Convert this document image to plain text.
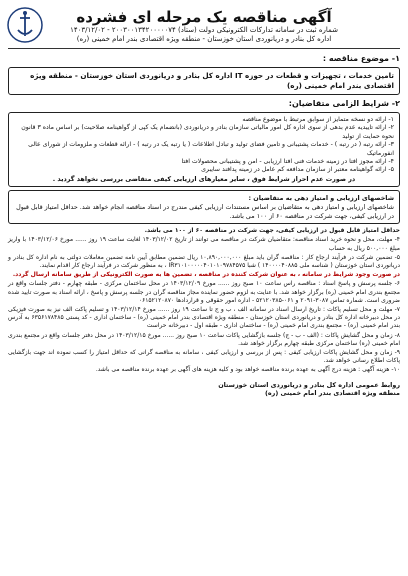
آگهی مناقصه یک مرحله ای فشرده
شماره ثبت در سامانه تدارکات الکترونیکی دولت (ستاد) ۲۰۰۳۰۰۱۳۴۲۰۰۰۰۰۷۴ - ۱۴۰۳/۱۲/۰۲
اداره کل بنادر و دریانوردی استان خوزستان - منطقه ویژه اقتصادی بندر امام خمینی (ره)
۱- موضوع مناقصه :
تامین خدمات ، تجهیزات و قطعات در حوزه IT اداره کل بنادر و دریانوردی استان خوزستان - منطقه ویژه اقتصادی بندر امام خمینی (ره)
۲- شرایط الزامی متقاضیان:
۱- ارائه دو نسخه متمایز از سوابق مرتبط با موضوع مناقصه
۲- ارائه تاییدیه عدم بدهی از سوی اداره کل امور مالیاتی سازمان بنادر و دریانوردی (بانضمام یک کپی از گواهینامه صلاحیت) بر اساس ماده ۳ قانون نحوه حمایت از تولید
۳- ارائه رتبه ( در رتبه ) - خدمات پشتیبانی و تامین فضای تولید و تبادل اطلاعات ( یا رتبه یک در رتبه ) - ارائه قطعات و ملزومات از شورای عالی انفورماتیک
۴- ارائه مجوز افتا در زمینه خدمات فنی افتا ارزیابی - امن و پشتیبانی محصولات افتا
۵- ارائه گواهینامه معتبر از سازمان مدافعه کم عامل در زمینه پدافند سایبری
در صورت عدم احراز شرایط فوق ، سایر معیارهای ارزیابی کیفی متقاضی بررسی نخواهد گردید .
شاخصهای ارزیابی و امتیاز دهی به متقاضیان :
شاخصهای ارزیابی و امتیاز دهی به متقاضیان بر اساس مستندات ارزیابی کیفی مندرج در اسناد مناقصه انجام خواهد شد. حداقل امتیاز قابل قبول در ارزیابی کیفی، جهت شرکت در مناقصه ۶۰ از ۱۰۰ می باشد.
حداقل امتیاز قابل قبول در ارزیابی کیفی، جهت شرکت در مناقصه ۶۰ از ۱۰۰ می باشد.
۴- مهلت، محل و نحوه خرید اسناد مناقصه: متقاضیان شرکت در مناقصه می توانند از تاریخ ۱۴۰۳/۱۲/۰۲ لغایت ساعت ۱۹ روز ...... مورخ ۱۴۰۳/۱۲/۰۶ با واریز مبلغ ۵۰۰,۰۰۰ ریال به حساب
۵- تضمین شرکت در فرآیند ارجاع کار : مناقصه گران باید مبلغ ۱۰,۸۹۰,۰۰۰,۰۰۰ ریال تضمین مطابق آیین نامه تضمین معاملات دولتی به نام اداره کل بنادر و دریانوردی استان خوزستان ( شناسه ملی ۱۴۰۰۰۰۴۰۸۸۵ ) شبا IR۳۱۰۱۰۰۰۰۰۴۰۱۰۱۰۹۷۸۴۵۷۵ ، به منظور شرکت در فرآیند ارجاع کار اقدام نمایند.
در صورت وجود شرایط در سامانه ، به عنوان شرکت کننده در مناقصه ، تضمین ها به صورت الکترونیکی از طریق سامانه ارسال گردد.
۶- جلسه پرسش و پاسخ اسناد : مناقصه راس ساعت ۱۰ صبح روز ...... مورخ ۱۴۰۳/۱۲/۰۹ در محل ساختمان مرکزی - طبقه چهارم - دفتر جلسات واقع در مجتمع بندری امام خمینی (ره) برگزار خواهد شد. با عنایت به لزوم حضور نماینده مجاز مناقصه گران در جلسه پرسش و پاسخ ، ارائه اسناد به صورت تایید شده ضروری است. شماره تماس ۳۰۸۷-۲۰۹۱ و ۰۶۱-۵۲۱۲۰۳۸۵ - اداره امور حقوقی و قراردادها ۰۶۱۵۲۱۲۰۸۷۰
۷- مهلت و محل تسلیم پاکات : تاریخ ارسال اسناد در سامانه الف ، ب و ج تا ساعت ۱۹ روز ...... مورخ ۱۴۰۳/۱۲/۱۴ و تسلیم پاکت الف نیز به صورت فیزیکی در محل دبیرخانه اداره کل بنادر و دریانوردی استان خوزستان - منطقه ویژه اقتصادی بندر امام خمینی (ره) - ساختمان اداری - کد پستی ۶۳۵۶۱۷۸۴۸۵ به آدرس بندر امام خمینی (ره) - مجتمع بندری امام خمینی (ره) - ساختمان اداری - طبقه اول - دبیرخانه حراست
۸- زمان و محل گشایش پاکات : (الف - ب - ج) جلسه بازگشایی پاکات ساعت ۱۰ صبح روز ...... مورخ ۱۴۰۳/۱۲/۱۵ در محل دفتر جلسات واقع در مجتمع بندری امام خمینی (ره) ساختمان مرکزی طبقه چهارم برگزار خواهد شد.
۹- زمان و محل گشایش پاکات ارزیابی کیفی : پس از بررسی و ارزیابی کیفی ، سامانه به مناقصه گرانی که حداقل امتیاز را کسب نموده اند جهت بازگشایی پاکات اطلاع رسانی خواهد شد.
۱۰- هزینه آگهی : هزینه درج آگهی به عهده برنده مناقصه خواهد بود و کلیه هزینه های آگهی بر عهده برنده مناقصه می باشد.
روابط عمومی اداره کل بنادر و دریانوردی استان خوزستان
منطقه ویژه اقتصادی بندر امام خمینی (ره)
